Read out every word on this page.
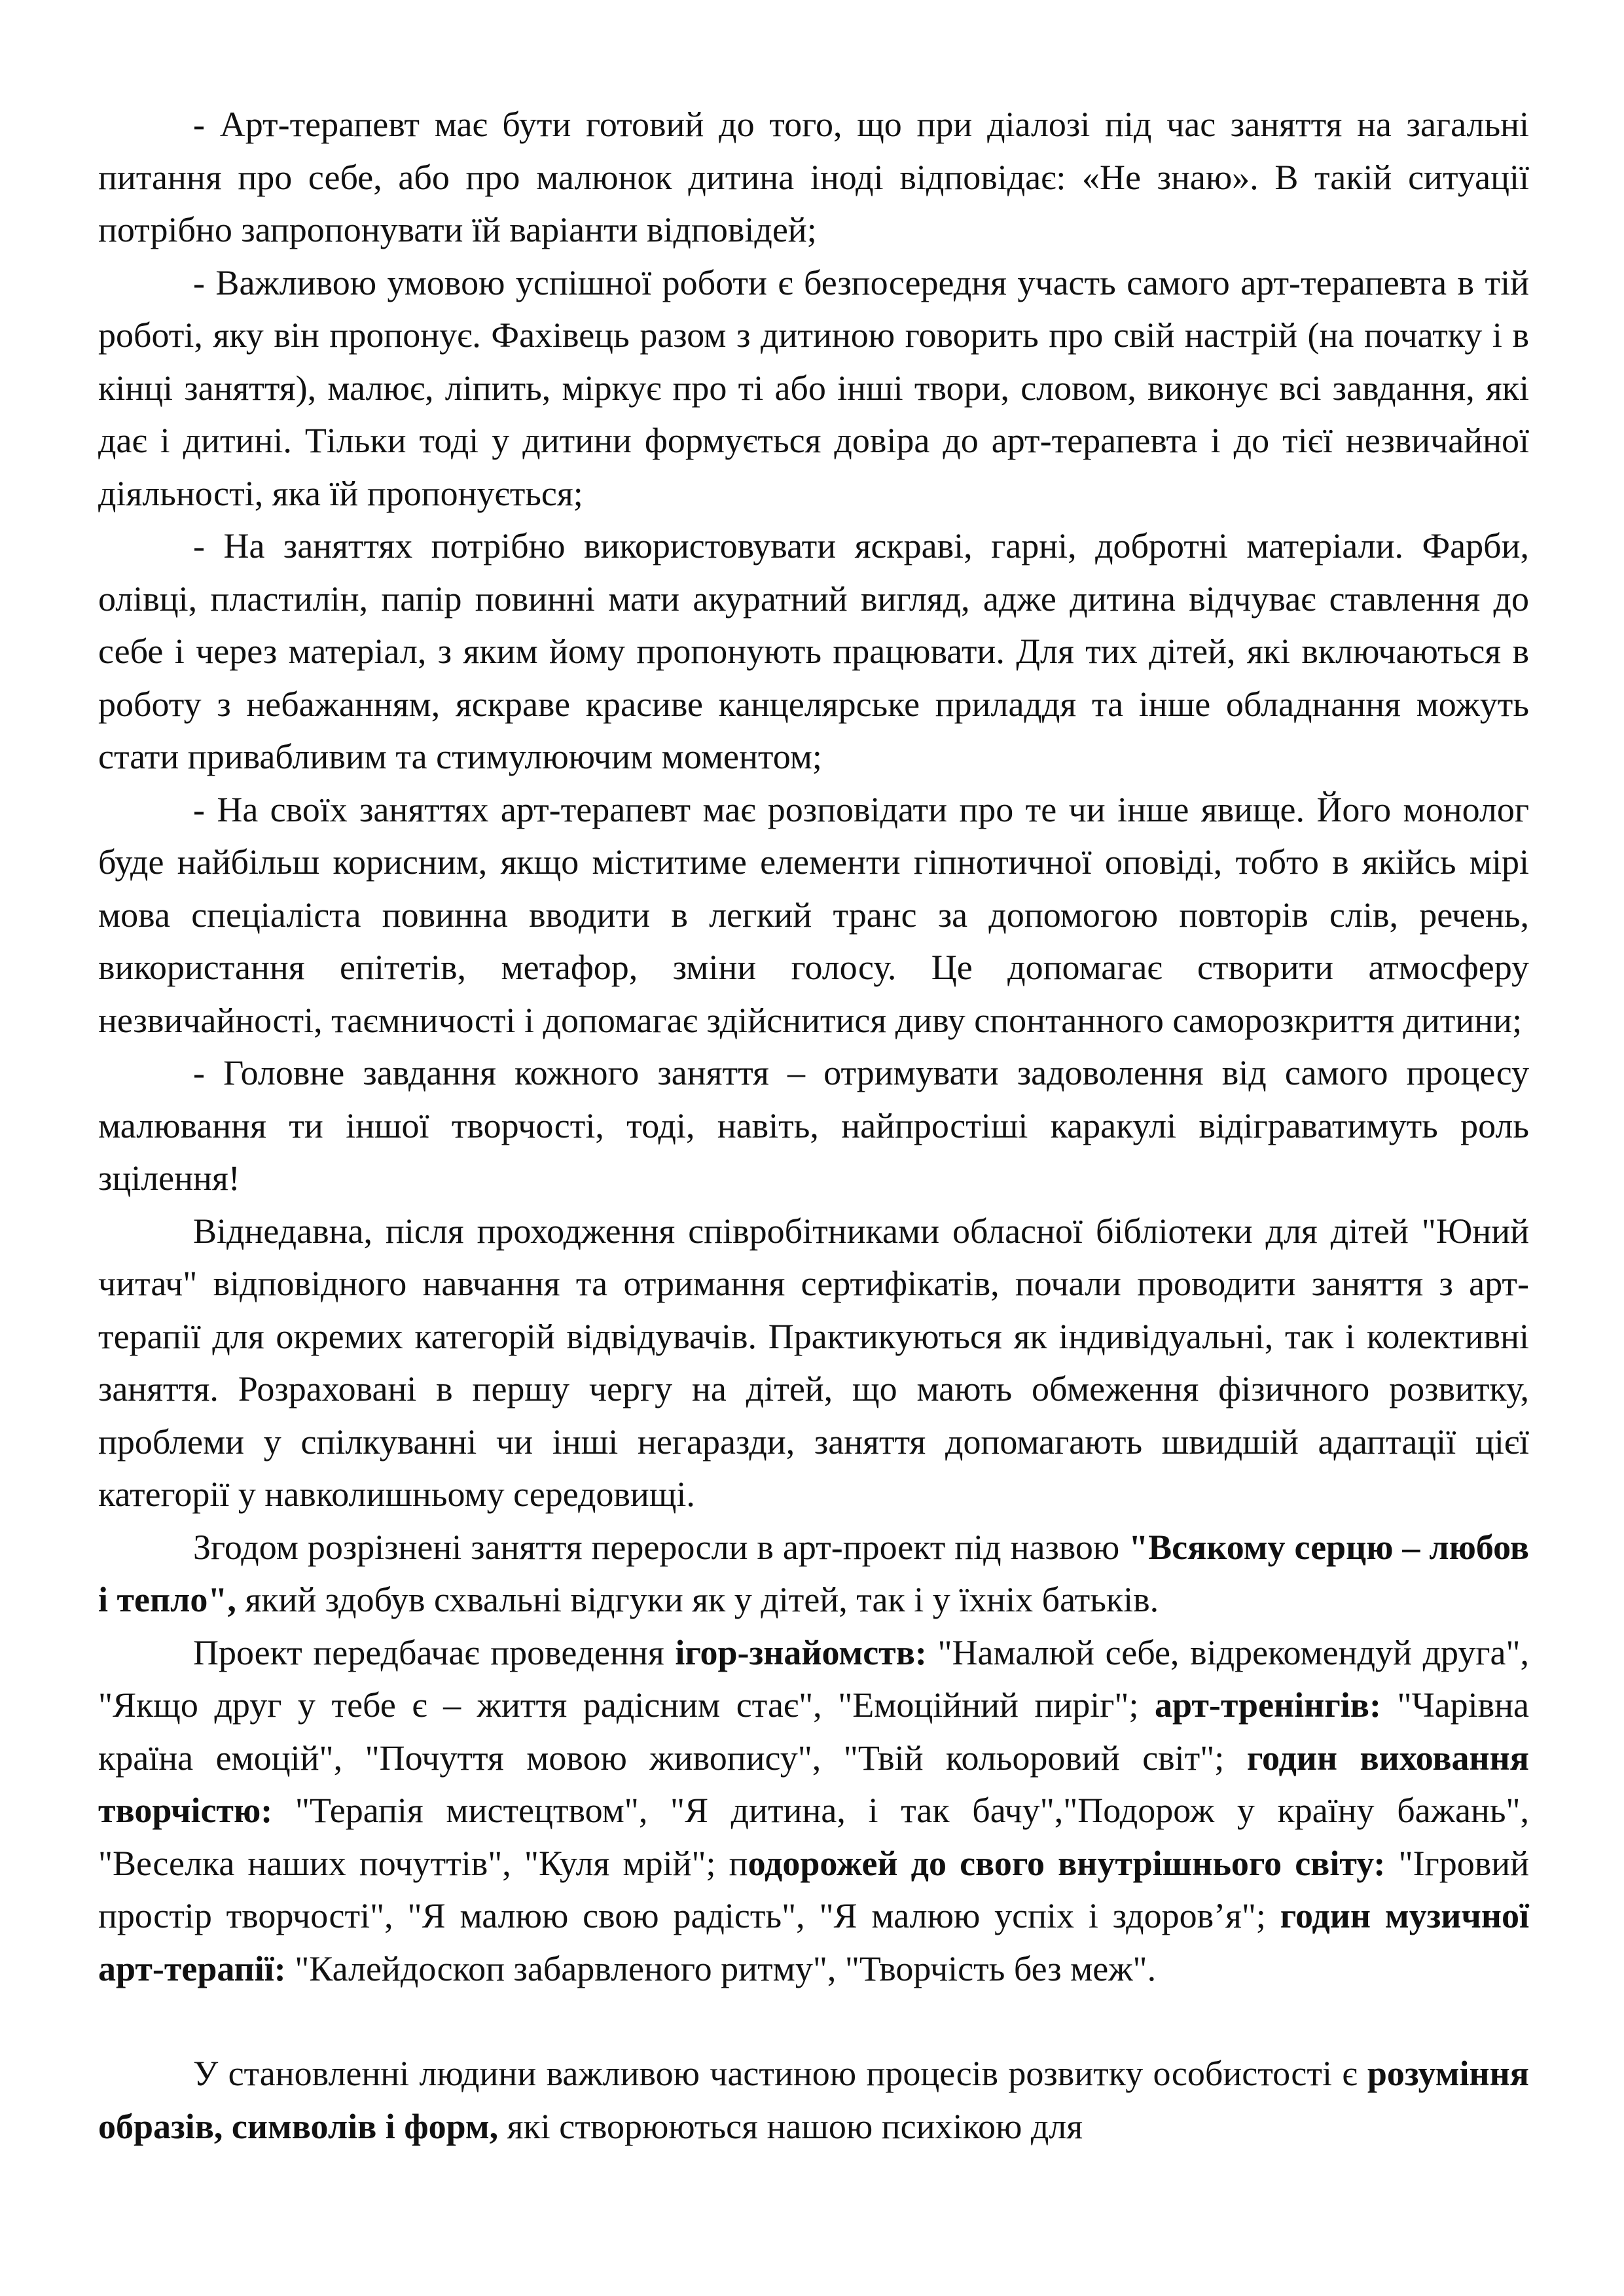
- Арт-терапевт має бути готовий до того, що при діалозі під час заняття на загальні питання про себе, або про малюнок дитина іноді відповідає: «Не знаю». В такій ситуації потрібно запропонувати їй варіанти відповідей;

- Важливою умовою успішної роботи є безпосередня участь самого арт-терапевта в тій роботі, яку він пропонує. Фахівець разом з дитиною говорить про свій настрій (на початку і в кінці заняття), малює, ліпить, міркує про ті або інші твори, словом, виконує всі завдання, які дає і дитині. Тільки тоді у дитини формується довіра до арт-терапевта і до тієї незвичайної діяльності, яка їй пропонується;

- На заняттях потрібно використовувати яскраві, гарні, добротні матеріали. Фарби, олівці, пластилін, папір повинні мати акуратний вигляд, адже дитина відчуває ставлення до себе і через матеріал, з яким йому пропонують працювати. Для тих дітей, які включаються в роботу з небажанням, яскраве красиве канцелярське приладдя та інше обладнання можуть стати привабливим та стимулюючим моментом;

- На своїх заняттях арт-терапевт має розповідати про те чи інше явище. Його монолог буде найбільш корисним, якщо міститиме елементи гіпнотичної оповіді, тобто в якійсь мірі мова спеціаліста повинна вводити в легкий транс за допомогою повторів слів, речень, використання епітетів, метафор, зміни голосу. Це допомагає створити атмосферу незвичайності, таємничості і допомагає здійснитися диву спонтанного саморозкриття дитини;

- Головне завдання кожного заняття – отримувати задоволення від самого процесу малювання ти іншої творчості, тоді, навіть, найпростіші каракулі відіграватимуть роль зцілення!

Віднедавна, після проходження співробітниками обласної бібліотеки для дітей "Юний читач" відповідного навчання та отримання сертифікатів, почали проводити заняття з арт-терапії для окремих категорій відвідувачів. Практикуються як індивідуальні, так і колективні заняття. Розраховані в першу чергу на дітей, що мають обмеження фізичного розвитку, проблеми у спілкуванні чи інші негаразди, заняття допомагають швидшій адаптації цієї категорії у навколишньому середовищі.

Згодом розрізнені заняття переросли в арт-проект під назвою "Всякому серцю – любов і тепло", який здобув схвальні відгуки як у дітей, так і у їхніх батьків.

Проект передбачає проведення ігор-знайомств: "Намалюй себе, відрекомендуй друга", "Якщо друг у тебе є – життя радісним стає", "Емоційний пиріг"; арт-тренінгів: "Чарівна країна емоцій", "Почуття мовою живопису", "Твій кольоровий світ"; годин виховання творчістю: "Терапія мистецтвом", "Я дитина, і так бачу","Подорож у країну бажань", "Веселка наших почуттів", "Куля мрій"; подорожей до свого внутрішнього світу: "Ігровий простір творчості", "Я малюю свою радість", "Я малюю успіх і здоров’я"; годин музичної арт-терапії: "Калейдоскоп забарвленого ритму", "Творчість без меж".

У становленні людини важливою частиною процесів розвитку особистості є розуміння образів, символів і форм, які створюються нашою психікою для
